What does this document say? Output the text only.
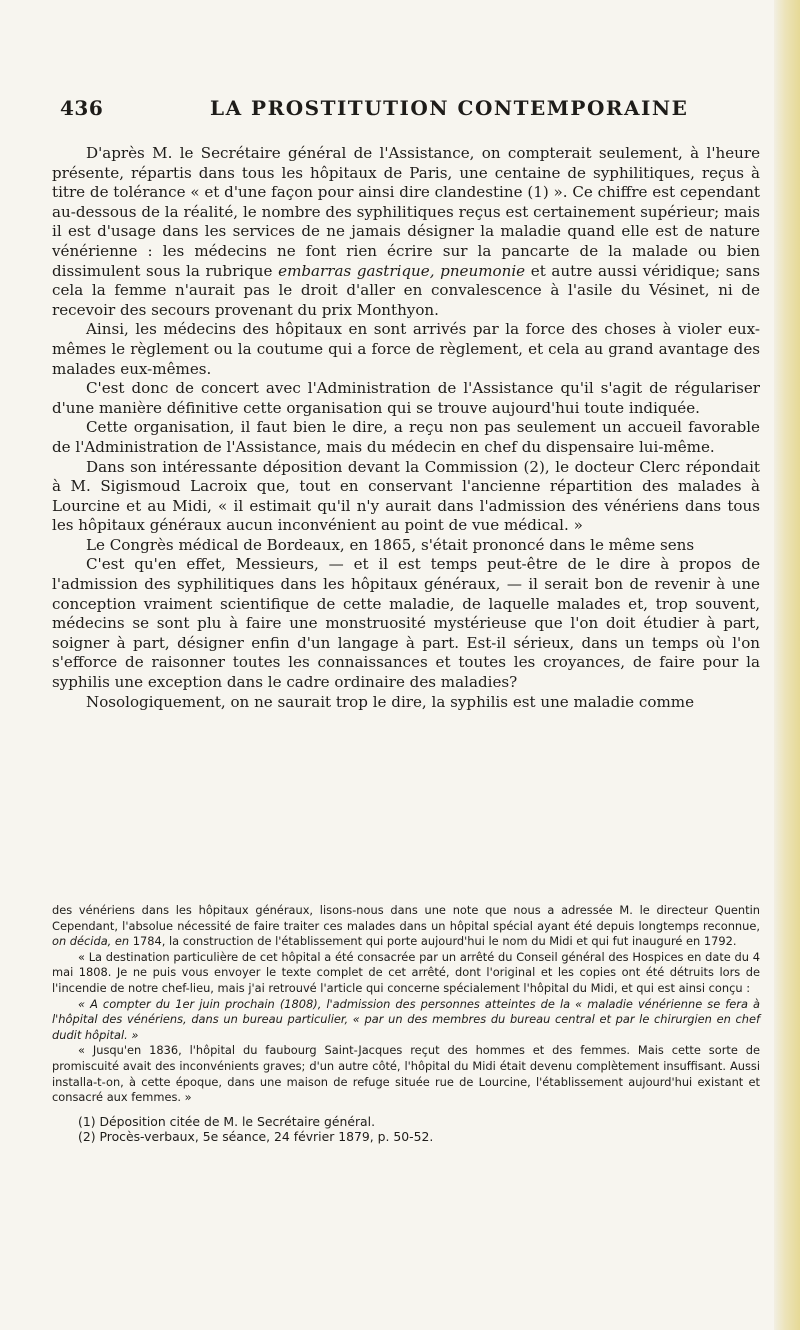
436	LA PROSTITUTION CONTEMPORAINE

D'après M. le Secrétaire général de l'Assistance, on compterait seulement, à l'heure présente, répartis dans tous les hôpitaux de Paris, une centaine de syphilitiques, reçus à titre de tolérance « et d'une façon pour ainsi dire clandestine (1) ». Ce chiffre est cependant au-dessous de la réalité, le nombre des syphilitiques reçus est certainement supérieur; mais il est d'usage dans les services de ne jamais désigner la maladie quand elle est de nature vénérienne : les médecins ne font rien écrire sur la pancarte de la malade ou bien dissimulent sous la rubrique embarras gastrique, pneumonie et autre aussi véridique; sans cela la femme n'aurait pas le droit d'aller en convalescence à l'asile du Vésinet, ni de recevoir des secours provenant du prix Monthyon.

Ainsi, les médecins des hôpitaux en sont arrivés par la force des choses à violer eux-mêmes le règlement ou la coutume qui a force de règlement, et cela au grand avantage des malades eux-mêmes.

C'est donc de concert avec l'Administration de l'Assistance qu'il s'agit de régulariser d'une manière définitive cette organisation qui se trouve aujourd'hui toute indiquée.

Cette organisation, il faut bien le dire, a reçu non pas seulement un accueil favorable de l'Administration de l'Assistance, mais du médecin en chef du dispensaire lui-même.

Dans son intéressante déposition devant la Commission (2), le docteur Clerc répondait à M. Sigismoud Lacroix que, tout en conservant l'ancienne répartition des malades à Lourcine et au Midi, « il estimait qu'il n'y aurait dans l'admission des vénériens dans tous les hôpitaux généraux aucun inconvénient au point de vue médical. »

Le Congrès médical de Bordeaux, en 1865, s'était prononcé dans le même sens

C'est qu'en effet, Messieurs, — et il est temps peut-être de le dire à propos de l'admission des syphilitiques dans les hôpitaux généraux, — il serait bon de revenir à une conception vraiment scientifique de cette maladie, de laquelle malades et, trop souvent, médecins se sont plu à faire une monstruosité mystérieuse que l'on doit étudier à part, soigner à part, désigner enfin d'un langage à part. Est-il sérieux, dans un temps où l'on s'efforce de raisonner toutes les connaissances et toutes les croyances, de faire pour la syphilis une exception dans le cadre ordinaire des maladies?

Nosologiquement, on ne saurait trop le dire, la syphilis est une maladie comme

des vénériens dans les hôpitaux généraux, lisons-nous dans une note que nous a adressée M. le directeur Quentin Cependant, l'absolue nécessité de faire traiter ces malades dans un hôpital spécial ayant été depuis longtemps reconnue, on décida, en 1784, la construction de l'établissement qui porte aujourd'hui le nom du Midi et qui fut inauguré en 1792.

« La destination particulière de cet hôpital a été consacrée par un arrêté du Conseil général des Hospices en date du 4 mai 1808. Je ne puis vous envoyer le texte complet de cet arrêté, dont l'original et les copies ont été détruits lors de l'incendie de notre chef-lieu, mais j'ai retrouvé l'article qui concerne spécialement l'hôpital du Midi, et qui est ainsi conçu :

« A compter du 1er juin prochain (1808), l'admission des personnes atteintes de la « maladie vénérienne se fera à l'hôpital des vénériens, dans un bureau particulier, « par un des membres du bureau central et par le chirurgien en chef dudit hôpital. »

« Jusqu'en 1836, l'hôpital du faubourg Saint-Jacques reçut des hommes et des femmes. Mais cette sorte de promiscuité avait des inconvénients graves; d'un autre côté, l'hôpital du Midi était devenu complètement insuffisant. Aussi installa-t-on, à cette époque, dans une maison de refuge située rue de Lourcine, l'établissement aujourd'hui existant et consacré aux femmes. »

(1) Déposition citée de M. le Secrétaire général.

(2) Procès-verbaux, 5e séance, 24 février 1879, p. 50-52.
